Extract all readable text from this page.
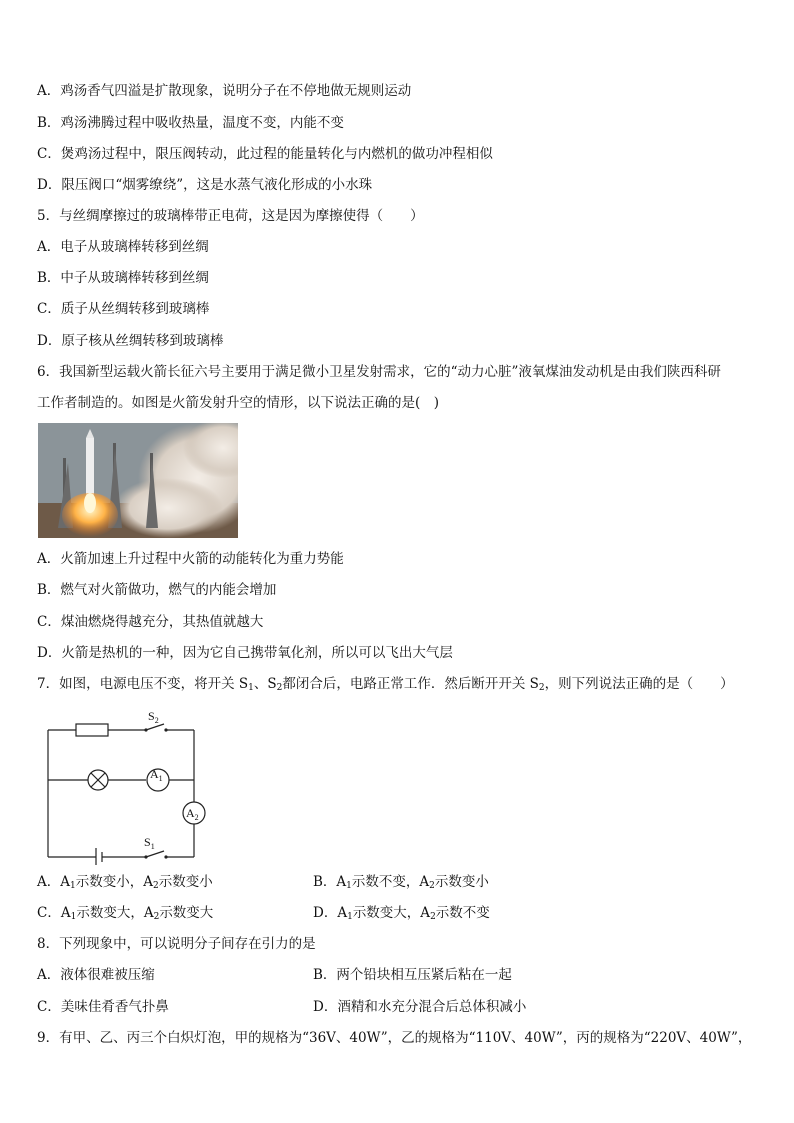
A．鸡汤香气四溢是扩散现象，说明分子在不停地做无规则运动
B．鸡汤沸腾过程中吸收热量，温度不变，内能不变
C．煲鸡汤过程中，限压阀转动，此过程的能量转化与内燃机的做功冲程相似
D．限压阀口“烟雾缭绕”，这是水蒸气液化形成的小水珠
5．与丝绸摩擦过的玻璃棒带正电荷，这是因为摩擦使得（　　）
A．电子从玻璃棒转移到丝绸
B．中子从玻璃棒转移到丝绸
C．质子从丝绸转移到玻璃棒
D．原子核从丝绸转移到玻璃棒
6．我国新型运载火箭长征六号主要用于满足微小卫星发射需求，它的“动力心脏”液氧煤油发动机是由我们陕西科研
工作者制造的。如图是火箭发射升空的情形，以下说法正确的是(　)
A．火箭加速上升过程中火箭的动能转化为重力势能
B．燃气对火箭做功，燃气的内能会增加
C．煤油燃烧得越充分，其热值就越大
D．火箭是热机的一种，因为它自己携带氧化剂，所以可以飞出大气层
7．如图，电源电压不变，将开关 $S_1$、$S_2$都闭合后，电路正常工作．然后断开开关 $S_2$，则下列说法正确的是（　　）
$S_2$
$A_1$
$A_2$
$S_1$
A．$A_1$示数变小，$A_2$示数变小	B．$A_1$示数不变，$A_2$示数变小
C．$A_1$示数变大，$A_2$示数变大	D．$A_1$示数变大，$A_2$示数不变
8．下列现象中，可以说明分子间存在引力的是
A．液体很难被压缩	B．两个铅块相互压紧后粘在一起
C．美味佳肴香气扑鼻	D．酒精和水充分混合后总体积减小
9．有甲、乙、丙三个白炽灯泡，甲的规格为“36V、40W”，乙的规格为“110V、40W”，丙的规格为“220V、40W”，
